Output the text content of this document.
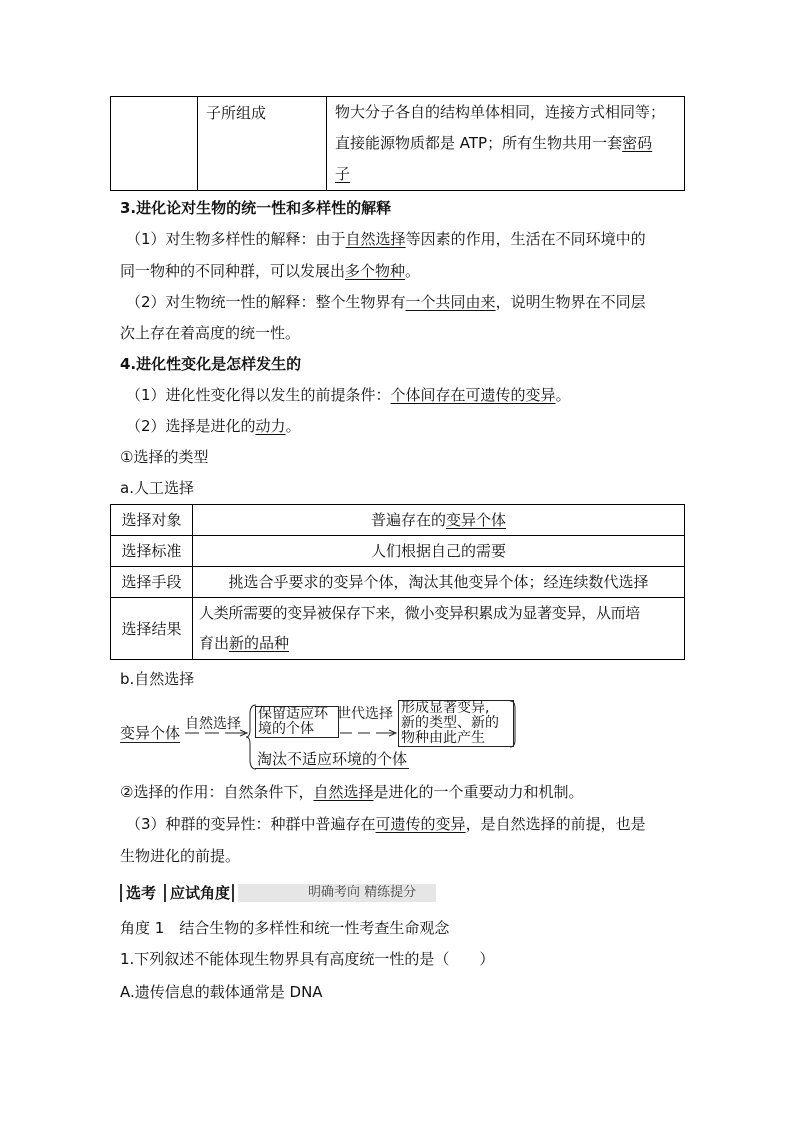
	子所组成	物大分子各自的结构单体相同，连接方式相同等；
直接能源物质都是 ATP；所有生物共用一套密码
子
3.进化论对生物的统一性和多样性的解释
（1）对生物多样性的解释：由于自然选择等因素的作用，生活在不同环境中的
同一物种的不同种群，可以发展出多个物种。
（2）对生物统一性的解释：整个生物界有一个共同由来，说明生物界在不同层
次上存在着高度的统一性。
4.进化性变化是怎样发生的
（1）进化性变化得以发生的前提条件：个体间存在可遗传的变异。
（2）选择是进化的动力。
①选择的类型
a.人工选择
选择对象	普遍存在的变异个体
选择标准	人们根据自己的需要
选择手段	挑选合乎要求的变异个体，淘汰其他变异个体；经连续数代选择
选择结果	人类所需要的变异被保存下来，微小变异积累成为显著变异，从而培
育出新的品种
b.自然选择
变异个体 自然选择
保留适应环
境的个体
世代选择 形成显著变异,
新的类型、新的
物种由此产生
淘汰不适应环境的个体
②选择的作用：自然条件下，自然选择是进化的一个重要动力和机制。
（3）种群的变异性：种群中普遍存在可遗传的变异，是自然选择的前提，也是
生物进化的前提。
选考 应试角度	明确考向 精练提分
角度 1　结合生物的多样性和统一性考查生命观念
1.下列叙述不能体现生物界具有高度统一性的是（　　）
A.遗传信息的载体通常是 DNA
